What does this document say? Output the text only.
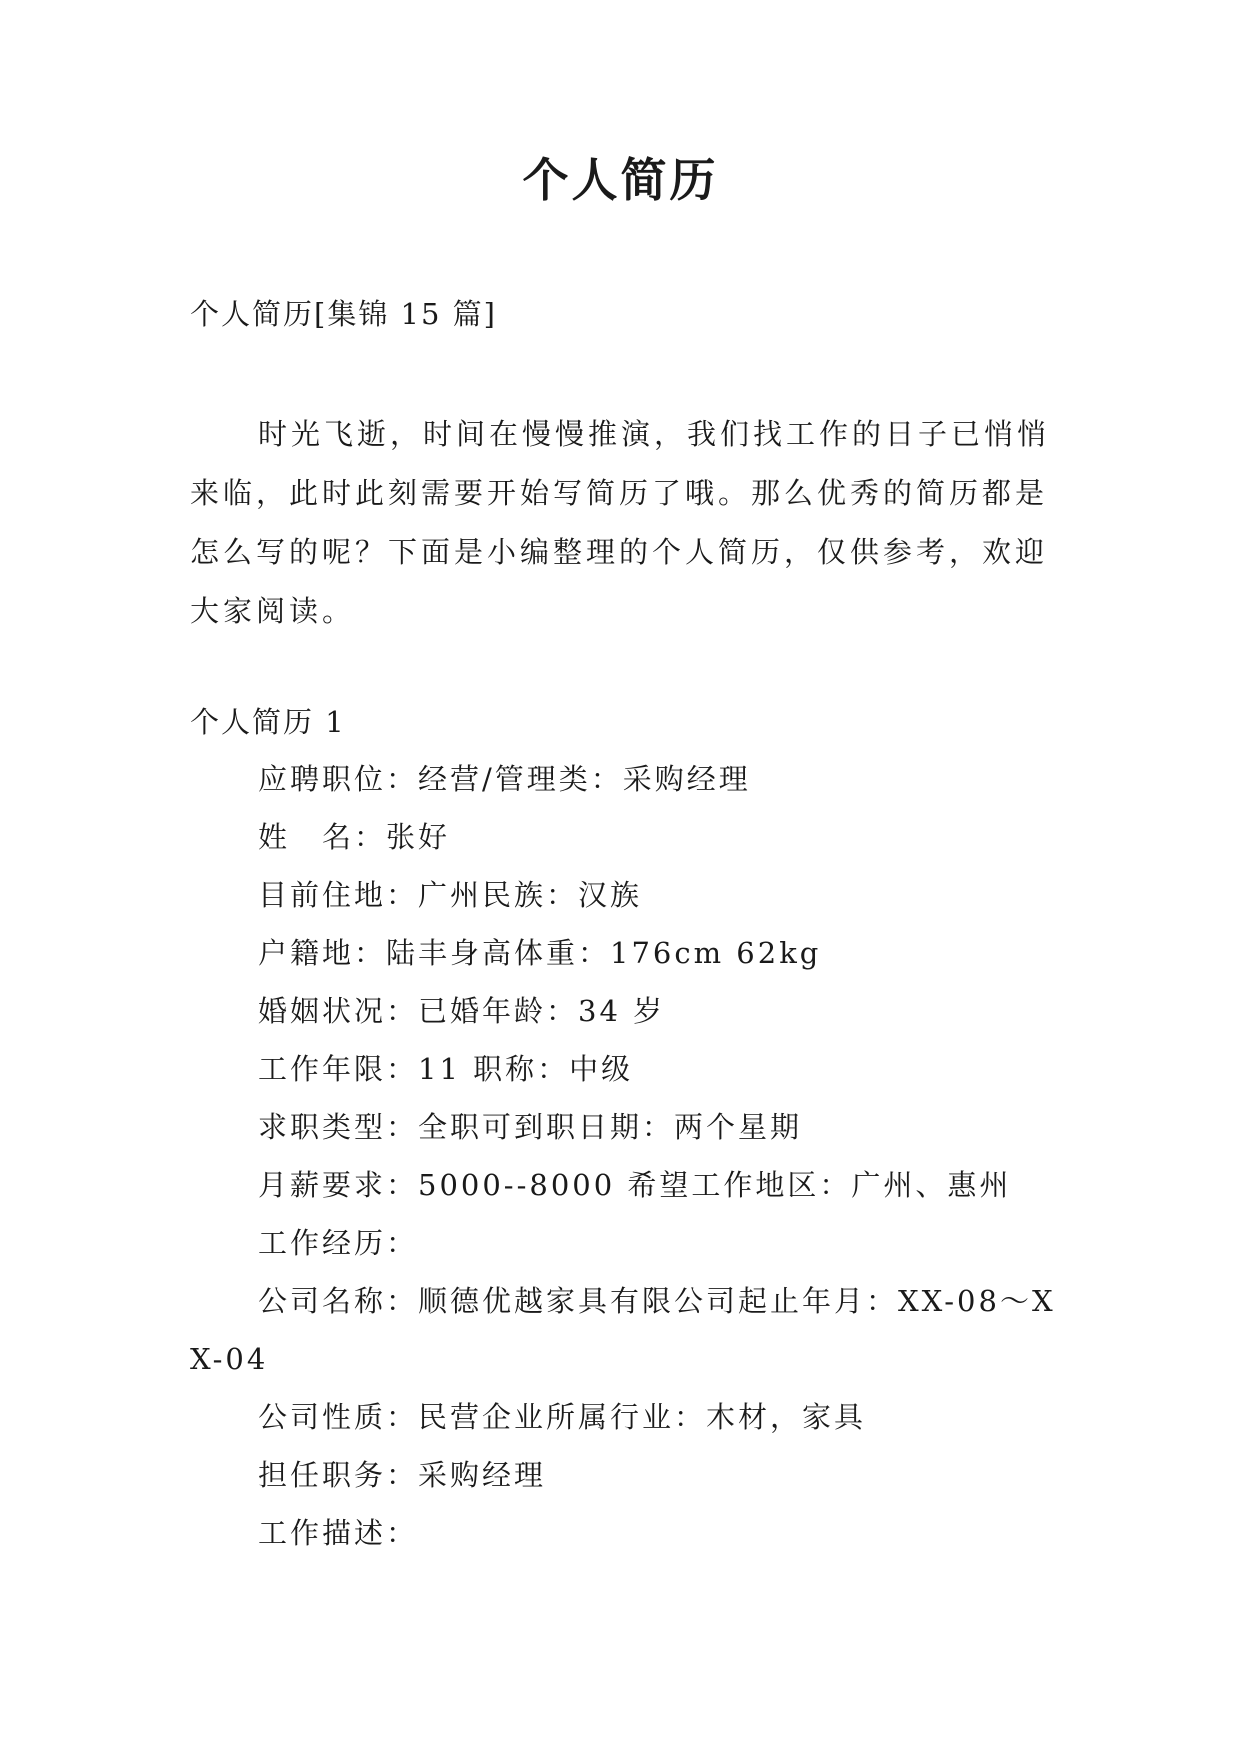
个人简历
个人简历[集锦 15 篇]

时光飞逝，时间在慢慢推演，我们找工作的日子已悄悄来临，此时此刻需要开始写简历了哦。那么优秀的简历都是怎么写的呢？下面是小编整理的个人简历，仅供参考，欢迎大家阅读。

个人简历 1
应聘职位：经营/管理类：采购经理
姓　名：张好
目前住地：广州民族：汉族
户籍地：陆丰身高体重：176cm 62kg
婚姻状况：已婚年龄：34 岁
工作年限：11 职称：中级
求职类型：全职可到职日期：两个星期
月薪要求：5000--8000 希望工作地区：广州、惠州
工作经历：
公司名称：顺德优越家具有限公司起止年月：XX-08～XX-04
公司性质：民营企业所属行业：木材，家具
担任职务：采购经理
工作描述：
